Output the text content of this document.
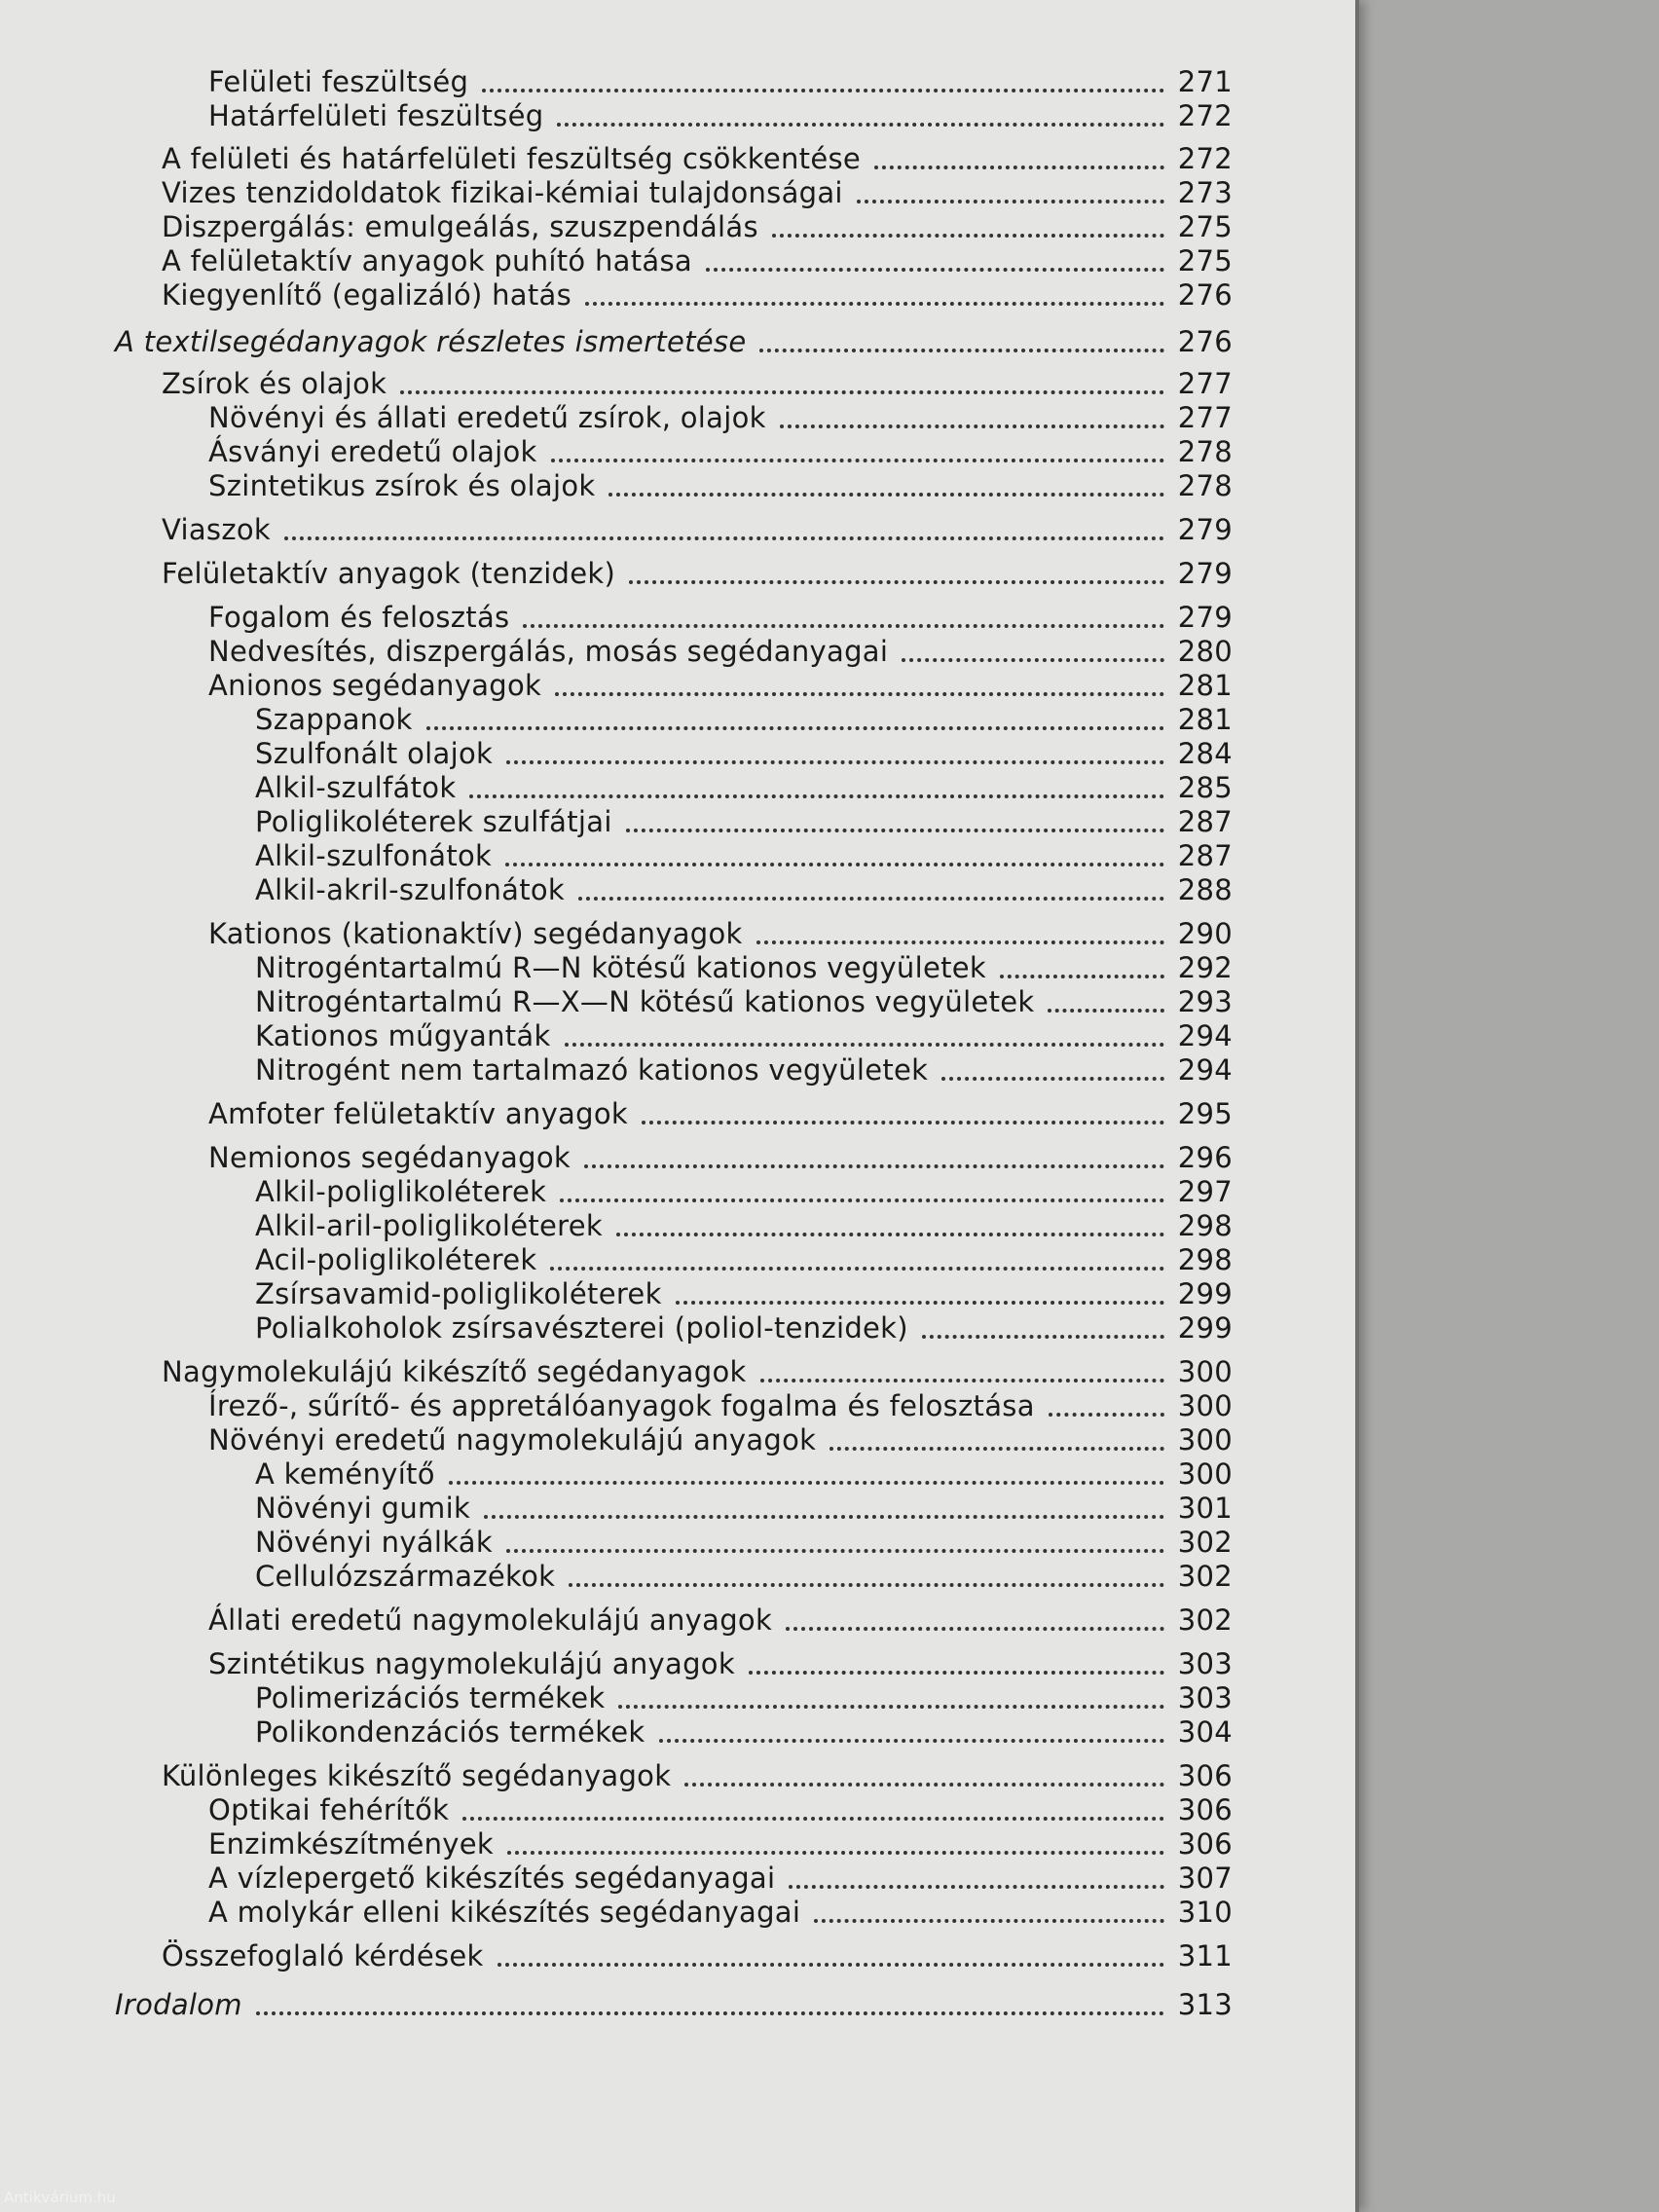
Felületi feszültség	271
Határfelületi feszültség	272
A felületi és határfelületi feszültség csökkentése	272
Vizes tenzidoldatok fizikai-kémiai tulajdonságai	273
Diszpergálás: emulgeálás, szuszpendálás	275
A felületaktív anyagok puhító hatása	275
Kiegyenlítő (egalizáló) hatás	276
A textilsegédanyagok részletes ismertetése	276
Zsírok és olajok	277
Növényi és állati eredetű zsírok, olajok	277
Ásványi eredetű olajok	278
Szintetikus zsírok és olajok	278
Viaszok	279
Felületaktív anyagok (tenzidek)	279
Fogalom és felosztás	279
Nedvesítés, diszpergálás, mosás segédanyagai	280
Anionos segédanyagok	281
Szappanok	281
Szulfonált olajok	284
Alkil-szulfátok	285
Poliglikoléterek szulfátjai	287
Alkil-szulfonátok	287
Alkil-akril-szulfonátok	288
Kationos (kationaktív) segédanyagok	290
Nitrogéntartalmú R—N kötésű kationos vegyületek	292
Nitrogéntartalmú R—X—N kötésű kationos vegyületek	293
Kationos műgyanták	294
Nitrogént nem tartalmazó kationos vegyületek	294
Amfoter felületaktív anyagok	295
Nemionos segédanyagok	296
Alkil-poliglikoléterek	297
Alkil-aril-poliglikoléterek	298
Acil-poliglikoléterek	298
Zsírsavamid-poliglikoléterek	299
Polialkoholok zsírsavészterei (poliol-tenzidek)	299
Nagymolekulájú kikészítő segédanyagok	300
Írező-, sűrítő- és appretálóanyagok fogalma és felosztása	300
Növényi eredetű nagymolekulájú anyagok	300
A keményítő	300
Növényi gumik	301
Növényi nyálkák	302
Cellulózszármazékok	302
Állati eredetű nagymolekulájú anyagok	302
Szintétikus nagymolekulájú anyagok	303
Polimerizációs termékek	303
Polikondenzációs termékek	304
Különleges kikészítő segédanyagok	306
Optikai fehérítők	306
Enzimkészítmények	306
A vízlepergető kikészítés segédanyagai	307
A molykár elleni kikészítés segédanyagai	310
Összefoglaló kérdések	311
Irodalom	313
Antikvárium.hu
